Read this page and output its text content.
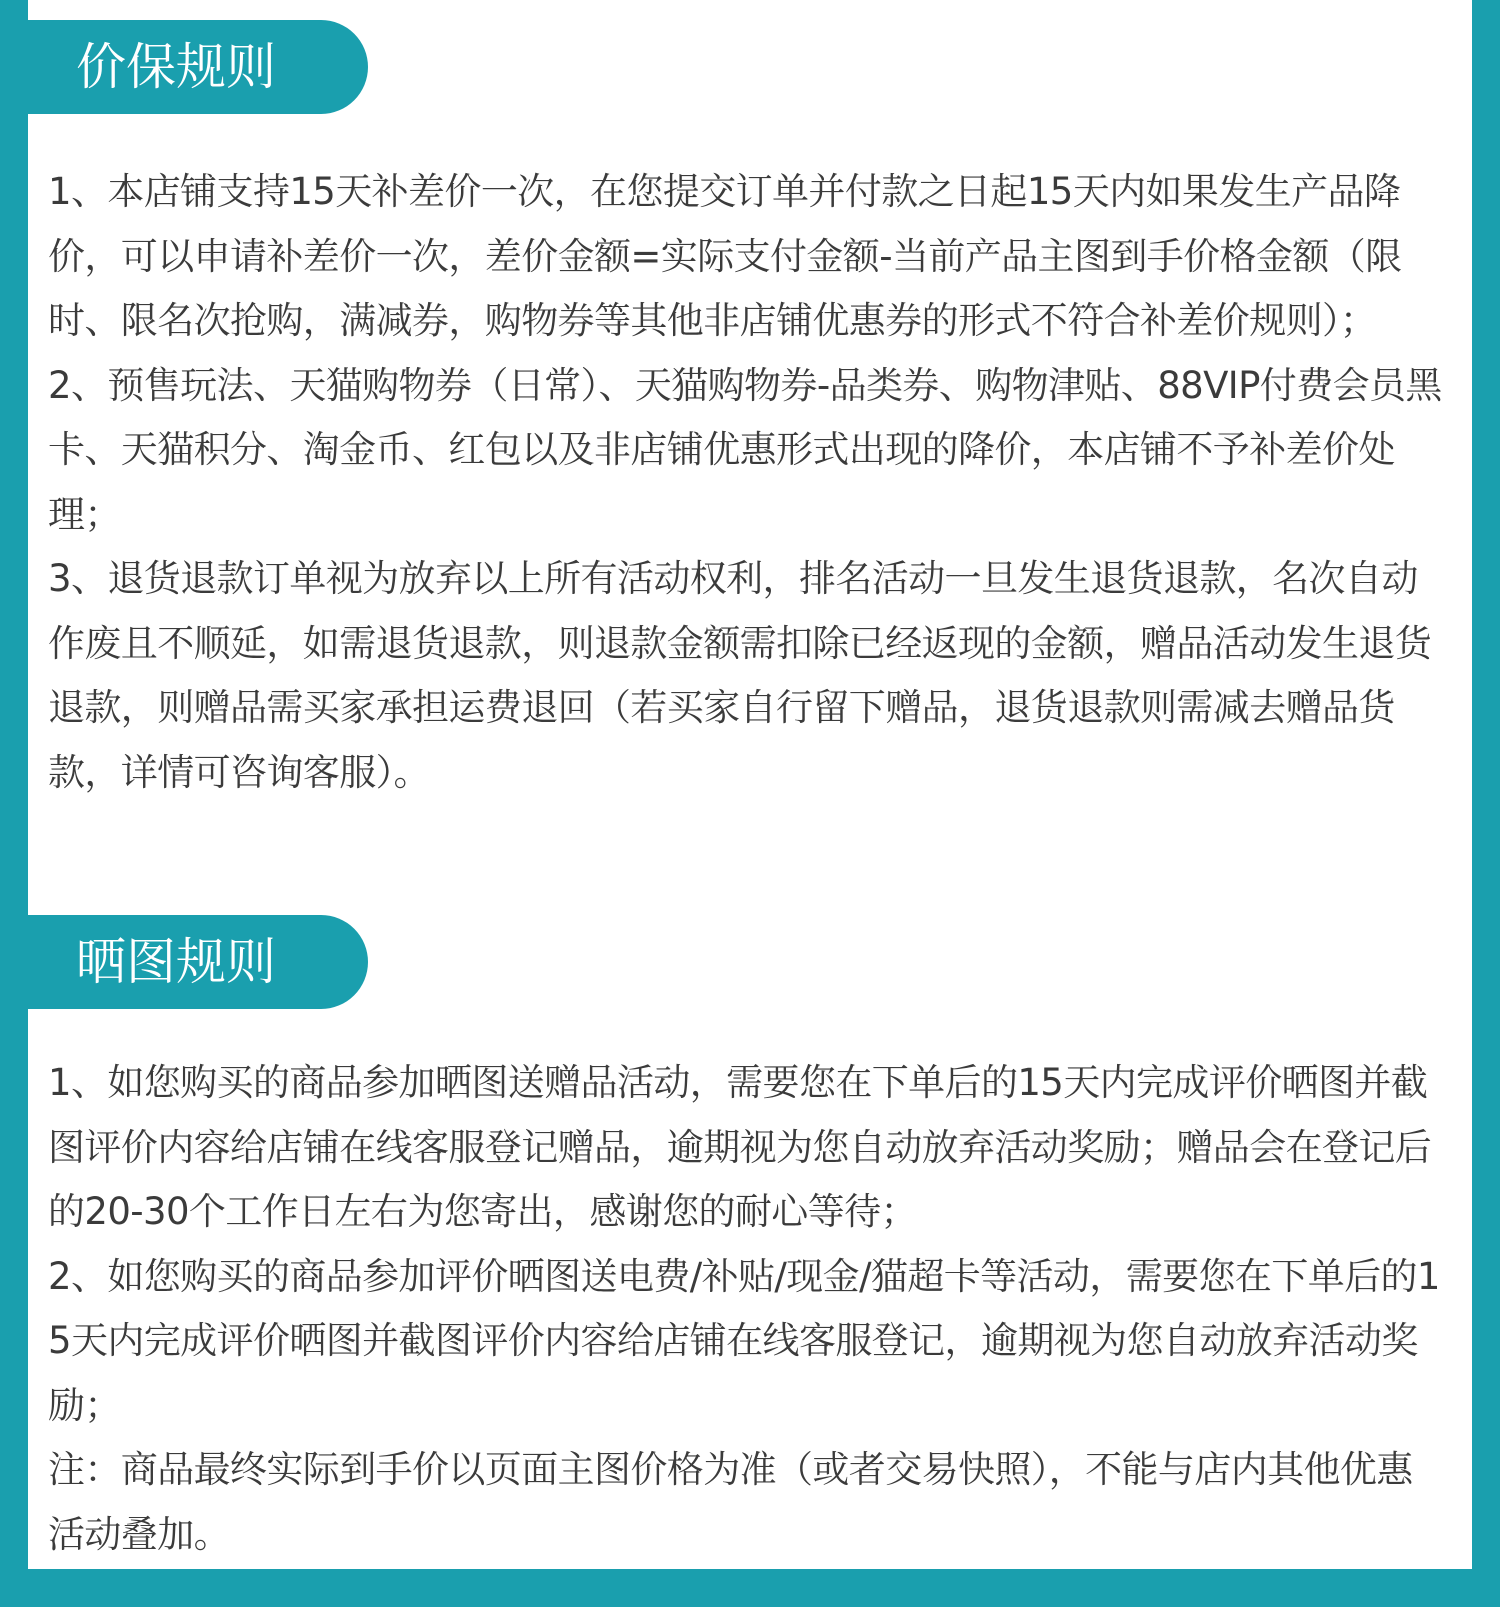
价保规则

1、本店铺支持15天补差价一次，在您提交订单并付款之日起15天内如果发生产品降价，可以申请补差价一次，差价金额=实际支付金额-当前产品主图到手价格金额（限时、限名次抢购，满减券，购物券等其他非店铺优惠券的形式不符合补差价规则）；

2、预售玩法、天猫购物券（日常）、天猫购物券-品类券、购物津贴、88VIP付费会员黑卡、天猫积分、淘金币、红包以及非店铺优惠形式出现的降价，本店铺不予补差价处理；

3、退货退款订单视为放弃以上所有活动权利，排名活动一旦发生退货退款，名次自动作废且不顺延，如需退货退款，则退款金额需扣除已经返现的金额，赠品活动发生退货退款，则赠品需买家承担运费退回（若买家自行留下赠品，退货退款则需减去赠品货款，详情可咨询客服）。

晒图规则

1、如您购买的商品参加晒图送赠品活动，需要您在下单后的15天内完成评价晒图并截图评价内容给店铺在线客服登记赠品，逾期视为您自动放弃活动奖励；赠品会在登记后的20-30个工作日左右为您寄出，感谢您的耐心等待；

2、如您购买的商品参加评价晒图送电费/补贴/现金/猫超卡等活动，需要您在下单后的15天内完成评价晒图并截图评价内容给店铺在线客服登记，逾期视为您自动放弃活动奖励；

注：商品最终实际到手价以页面主图价格为准（或者交易快照），不能与店内其他优惠活动叠加。
